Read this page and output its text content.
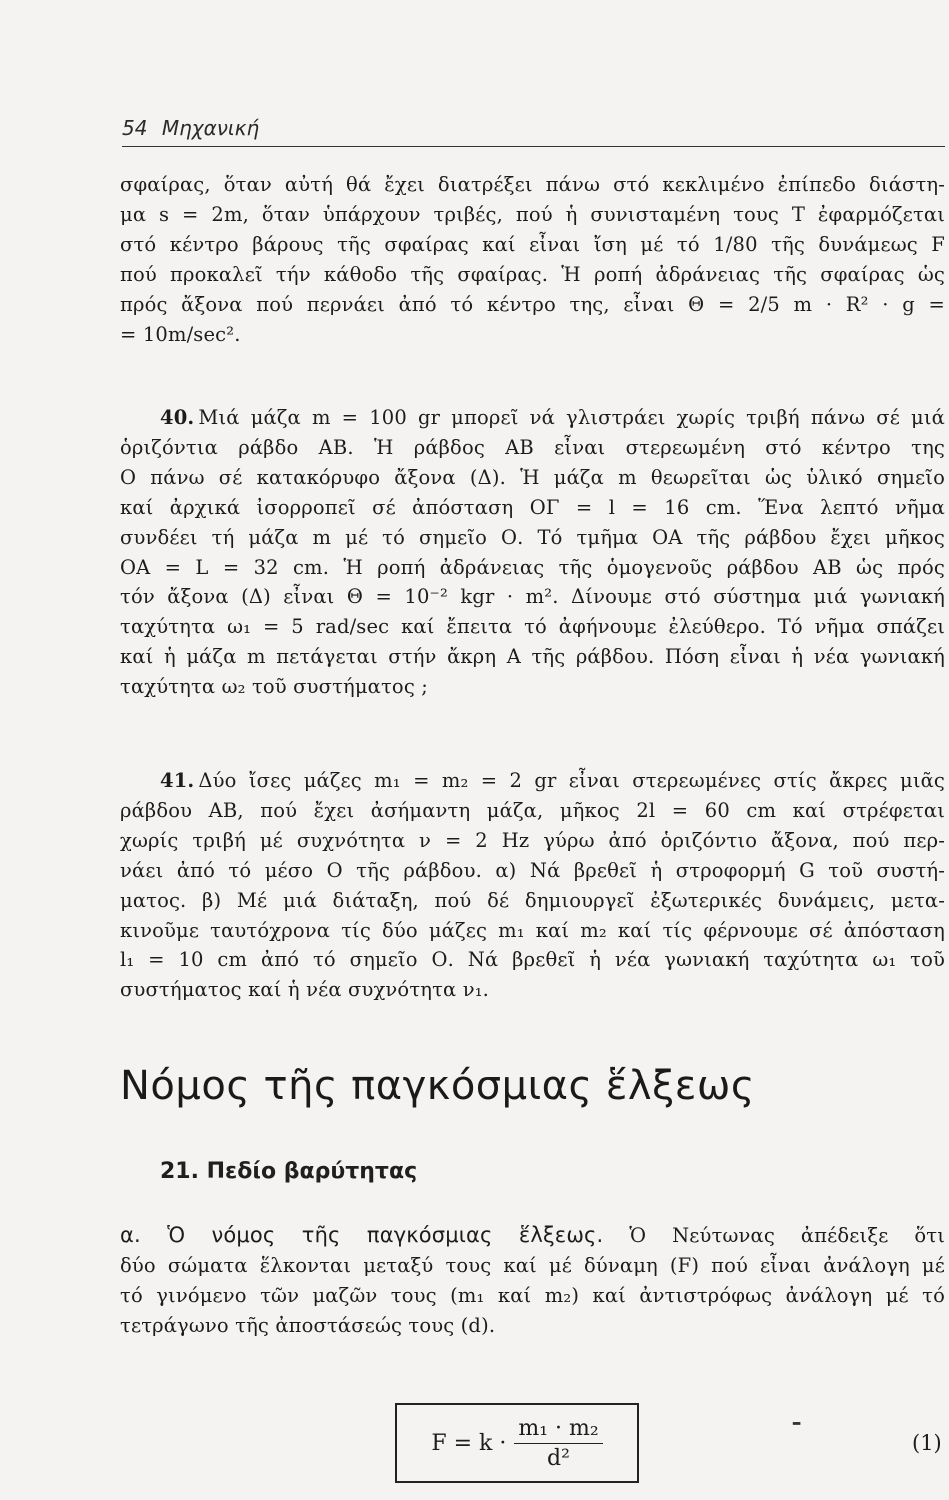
54 Μηχανική
σφαίρας, ὅταν αὐτή θά ἔχει διατρέξει πάνω στό κεκλιμένο ἐπίπεδο διάστη-
μα s = 2m, ὅταν ὑπάρχουν τριβές, πού ἡ συνισταμένη τους T ἐφαρμόζεται
στό κέντρο βάρους τῆς σφαίρας καί εἶναι ἴση μέ τό 1/80 τῆς δυνάμεως F
πού προκαλεῖ τήν κάθοδο τῆς σφαίρας. Ἡ ροπή ἀδράνειας τῆς σφαίρας ὡς
πρός ἄξονα πού περνάει ἀπό τό κέντρο της, εἶναι Θ = 2/5 m · R² · g =
= 10m/sec².
40. Μιά μάζα m = 100 gr μπορεῖ νά γλιστράει χωρίς τριβή πάνω σέ μιά
ὁριζόντια ράβδο ΑΒ. Ἡ ράβδος ΑΒ εἶναι στερεωμένη στό κέντρο της
Ο πάνω σέ κατακόρυφο ἄξονα (Δ). Ἡ μάζα m θεωρεῖται ὡς ὑλικό σημεῖο
καί ἀρχικά ἰσορροπεῖ σέ ἀπόσταση ΟΓ = l = 16 cm. Ἕνα λεπτό νῆμα
συνδέει τή μάζα m μέ τό σημεῖο Ο. Τό τμῆμα ΟΑ τῆς ράβδου ἔχει μῆκος
ΟΑ = L = 32 cm. Ἡ ροπή ἀδράνειας τῆς ὁμογενοῦς ράβδου ΑΒ ὡς πρός
τόν ἄξονα (Δ) εἶναι Θ = 10⁻² kgr · m². Δίνουμε στό σύστημα μιά γωνιακή
ταχύτητα ω₁ = 5 rad/sec καί ἔπειτα τό ἀφήνουμε ἐλεύθερο. Τό νῆμα σπάζει
καί ἡ μάζα m πετάγεται στήν ἄκρη Α τῆς ράβδου. Πόση εἶναι ἡ νέα γωνιακή
ταχύτητα ω₂ τοῦ συστήματος ;
41. Δύο ἴσες μάζες m₁ = m₂ = 2 gr εἶναι στερεωμένες στίς ἄκρες μιᾶς
ράβδου ΑΒ, πού ἔχει ἀσήμαντη μάζα, μῆκος 2l = 60 cm καί στρέφεται
χωρίς τριβή μέ συχνότητα ν = 2 Hz γύρω ἀπό ὁριζόντιο ἄξονα, πού περ-
νάει ἀπό τό μέσο Ο τῆς ράβδου. α) Νά βρεθεῖ ἡ στροφορμή G τοῦ συστή-
ματος. β) Μέ μιά διάταξη, πού δέ δημιουργεῖ ἐξωτερικές δυνάμεις, μετα-
κινοῦμε ταυτόχρονα τίς δύο μάζες m₁ καί m₂ καί τίς φέρνουμε σέ ἀπόσταση
l₁ = 10 cm ἀπό τό σημεῖο Ο. Νά βρεθεῖ ἡ νέα γωνιακή ταχύτητα ω₁ τοῦ
συστήματος καί ἡ νέα συχνότητα ν₁.
Νόμος τῆς παγκόσμιας ἕλξεως
21. Πεδίο βαρύτητας
α. Ὁ νόμος τῆς παγκόσμιας ἕλξεως. Ὁ Νεύτωνας ἀπέδειξε ὅτι
δύο σώματα ἕλκονται μεταξύ τους καί μέ δύναμη (F) πού εἶναι ἀνάλογη μέ
τό γινόμενο τῶν μαζῶν τους (m₁ καί m₂) καί ἀντιστρόφως ἀνάλογη μέ τό
τετράγωνο τῆς ἀποστάσεώς τους (d).
$F = k \cdot \frac{\text{m₁ · m₂}}{\text{d²}}$	⁃
(1)
